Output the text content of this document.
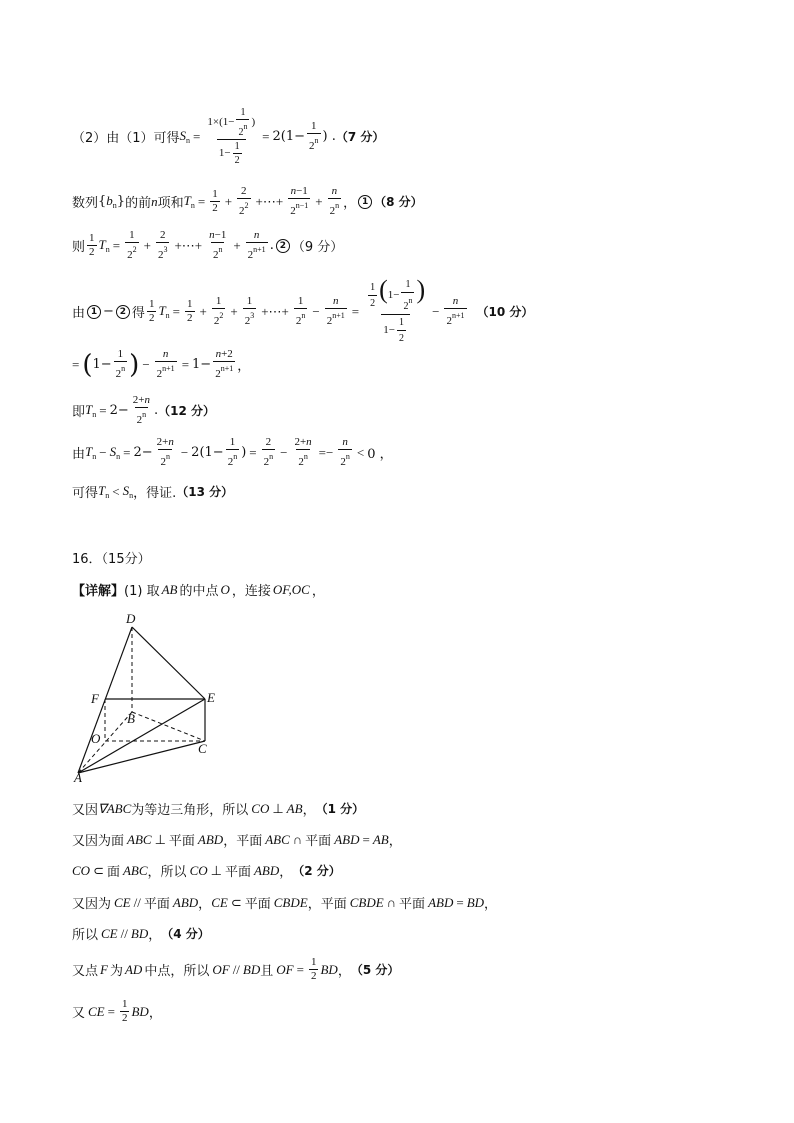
（2）由（1）可得 $S_n = \frac{1\times(1- \frac{1}{2^n} )}{1- \frac{1}{2}} = 2(1- \frac{1}{2^n}$ ) . （7 分）
数列 $\{b_n\}$ 的前 n 项和 $T_n = \frac{1}{2} + \frac{2}{2^2}$ +⋯+ $\frac{n-1}{2^{n-1}} + \frac{n}{2^n}$ ， 1 （8 分）
则 $\frac{1}{2} T_n = \frac{1}{2^2} + \frac{2}{2^3}$ +⋯+ $\frac{n-1}{2^n} + \frac{n}{2^{n+1}}$ . 2 （9 分）
由 1 − 2 得 $\frac{1}{2} T_n = \frac{1}{2} + \frac{1}{2^2} + \frac{1}{2^3}$ +⋯+ $\frac{1}{2^n} - \frac{n}{2^{n+1}} = \frac{\frac{1}{2} (1- \frac{1}{2^n} )}{1- \frac{1}{2}} - \frac{n}{2^{n+1}} (10$ 分）
= ( $1- \frac{1}{2^n}$ ) − $\frac{n}{2^{n+1}} = 1- \frac{n+2}{2^{n+1}}$ ，
即 $T_n = 2- \frac{2+n}{2^n}$ . （12 分）
由 $T_n - S_n = 2- \frac{2+n}{2^n} - 2(1- \frac{1}{2^n}$ ) = $\frac{2}{2^n} - \frac{2+n}{2^n} =- \frac{n}{2^n} < 0$ ，
可得 $T_n < S_n$ ，得证. （13 分）
16．（15分）
【详解】 (1) 取 AB 的中点 O ，连接 OF,OC ，
D
F	E
B
O
C
A
又因 ∇ABC 为等边三角形，所以 CO ⊥ AB ， （1 分）
又因为面 ABC ⊥ 平面 ABD ，平面 ABC ∩ 平面 ABD = AB ，
CO ⊂ 面 ABC ，所以 CO ⊥ 平面 ABD ， （2 分）
又因为 CE // 平面 ABD ， CE ⊂ 平面 CBDE ，平面 CBDE ∩ 平面 ABD = BD ，
所以 CE // BD ， （4 分）
又点 F 为 AD 中点，所以 OF // BD 且 OF = $\frac{1}{2}$ BD ， （5 分）
又 CE = $\frac{1}{2}$ BD ，
